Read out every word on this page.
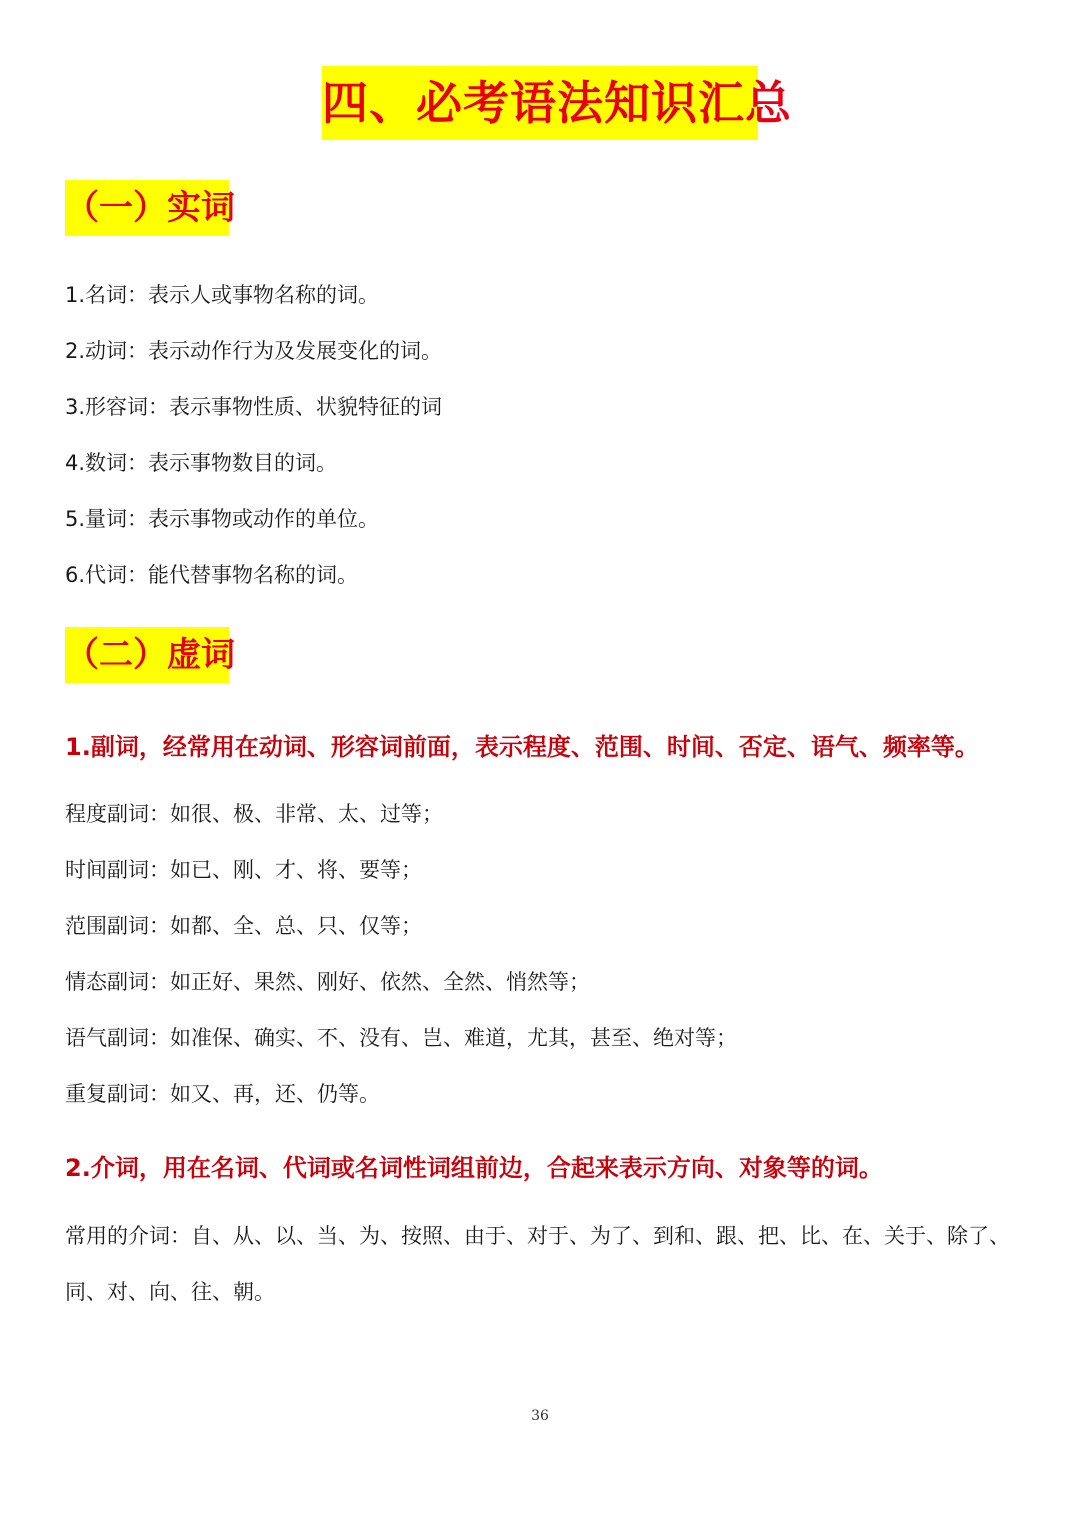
四、必考语法知识汇总
（一）实词
1.名词：表示人或事物名称的词。
2.动词：表示动作行为及发展变化的词。
3.形容词：表示事物性质、状貌特征的词
4.数词：表示事物数目的词。
5.量词：表示事物或动作的单位。
6.代词：能代替事物名称的词。
（二）虚词
1.副词，经常用在动词、形容词前面，表示程度、范围、时间、否定、语气、频率等。
程度副词：如很、极、非常、太、过等；
时间副词：如已、刚、才、将、要等；
范围副词：如都、全、总、只、仅等；
情态副词：如正好、果然、刚好、依然、全然、悄然等；
语气副词：如准保、确实、不、没有、岂、难道，尤其，甚至、绝对等；
重复副词：如又、再，还、仍等。
2.介词，用在名词、代词或名词性词组前边，合起来表示方向、对象等的词。
常用的介词：自、从、以、当、为、按照、由于、对于、为了、到和、跟、把、比、在、关于、除了、
同、对、向、往、朝。
36
